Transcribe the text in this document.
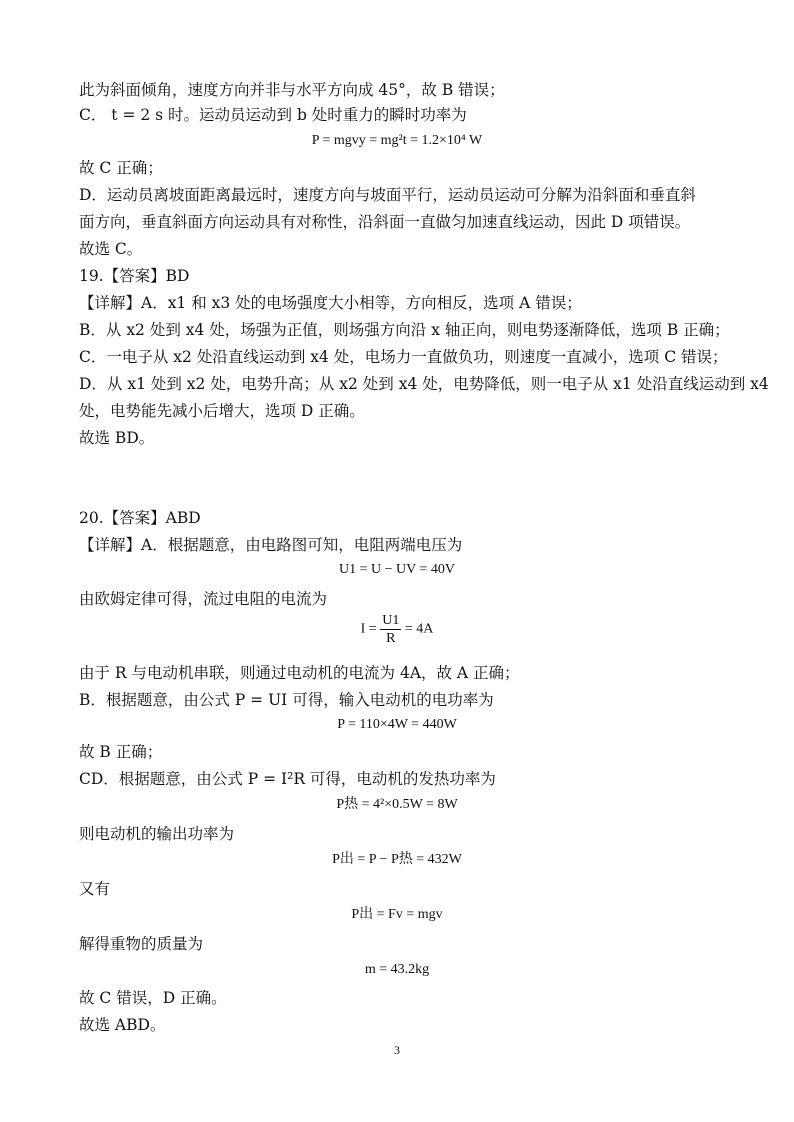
此为斜面倾角，速度方向并非与水平方向成 45°，故 B 错误；
C． t = 2 s 时。运动员运动到 b 处时重力的瞬时功率为
P = mgvy = mg²t = 1.2×10⁴ W
故 C 正确；
D．运动员离坡面距离最远时，速度方向与坡面平行，运动员运动可分解为沿斜面和垂直斜
面方向，垂直斜面方向运动具有对称性，沿斜面一直做匀加速直线运动，因此 D 项错误。
故选 C。
19.【答案】BD
【详解】A．x1 和 x3 处的电场强度大小相等，方向相反，选项 A 错误；
B．从 x2 处到 x4 处，场强为正值，则场强方向沿 x 轴正向，则电势逐渐降低，选项 B 正确；
C．一电子从 x2 处沿直线运动到 x4 处，电场力一直做负功，则速度一直减小，选项 C 错误；
D．从 x1 处到 x2 处，电势升高；从 x2 处到 x4 处，电势降低，则一电子从 x1 处沿直线运动到 x4
处，电势能先减小后增大，选项 D 正确。
故选 BD。
20.【答案】ABD
【详解】A．根据题意，由电路图可知，电阻两端电压为
U1 = U − UV = 40V
由欧姆定律可得，流过电阻的电流为
$I = \frac{U1}{R} = 4A$
由于 R 与电动机串联，则通过电动机的电流为 4A，故 A 正确；
B．根据题意，由公式 P = UI 可得，输入电动机的电功率为
P = 110×4W = 440W
故 B 正确；
CD．根据题意，由公式 P = I²R 可得，电动机的发热功率为
P热 = 4²×0.5W = 8W
则电动机的输出功率为
P出 = P − P热 = 432W
又有
P出 = Fv = mgv
解得重物的质量为
m = 43.2kg
故 C 错误，D 正确。
故选 ABD。
3
